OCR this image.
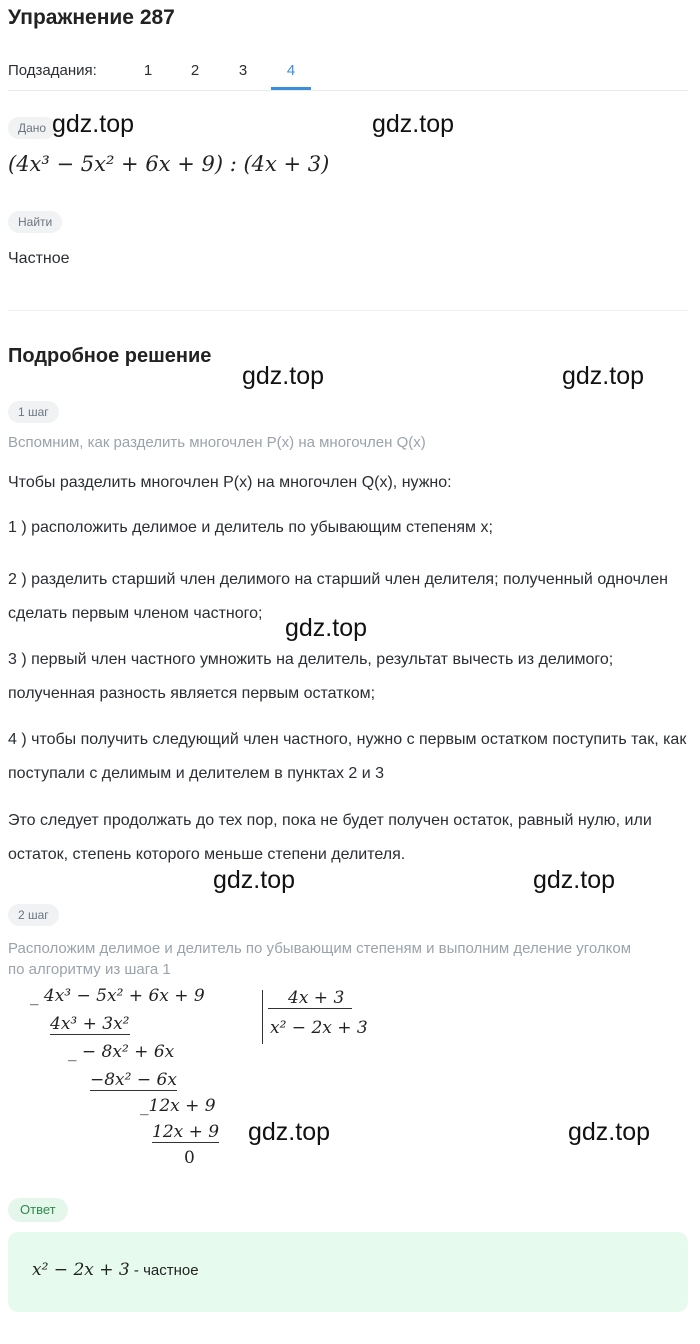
Упражнение 287
Подзадания:	1	2	3	4
Дано
(4x³ − 5x² + 6x + 9) : (4x + 3)
Найти
Частное
Подробное решение
1 шаг
Вспомним, как разделить многочлен P(x) на многочлен Q(x)
Чтобы разделить многочлен P(x) на многочлен Q(x), нужно:
1 ) расположить делимое и делитель по убывающим степеням x;
2 ) разделить старший член делимого на старший член делителя; полученный одночлен сделать первым членом частного;
3 ) первый член частного умножить на делитель, результат вычесть из делимого; полученная разность является первым остатком;
4 ) чтобы получить следующий член частного, нужно с первым остатком поступить так, как поступали с делимым и делителем в пунктах 2 и 3
Это следует продолжать до тех пор, пока не будет получен остаток, равный нулю, или остаток, степень которого меньше степени делителя.
2 шаг
Расположим делимое и делитель по убывающим степеням и выполним деление уголком по алгоритму из шага 1
_ 4x³ − 5x² + 6x + 9
4x³ + 3x²
_ − 8x² + 6x
−8x² − 6x
_12x + 9
12x + 9
0
4x + 3
x² − 2x + 3
Ответ
x² − 2x + 3 - частное
gdz.top	gdz.top
gdz.top	gdz.top
gdz.top
gdz.top	gdz.top
gdz.top	gdz.top
